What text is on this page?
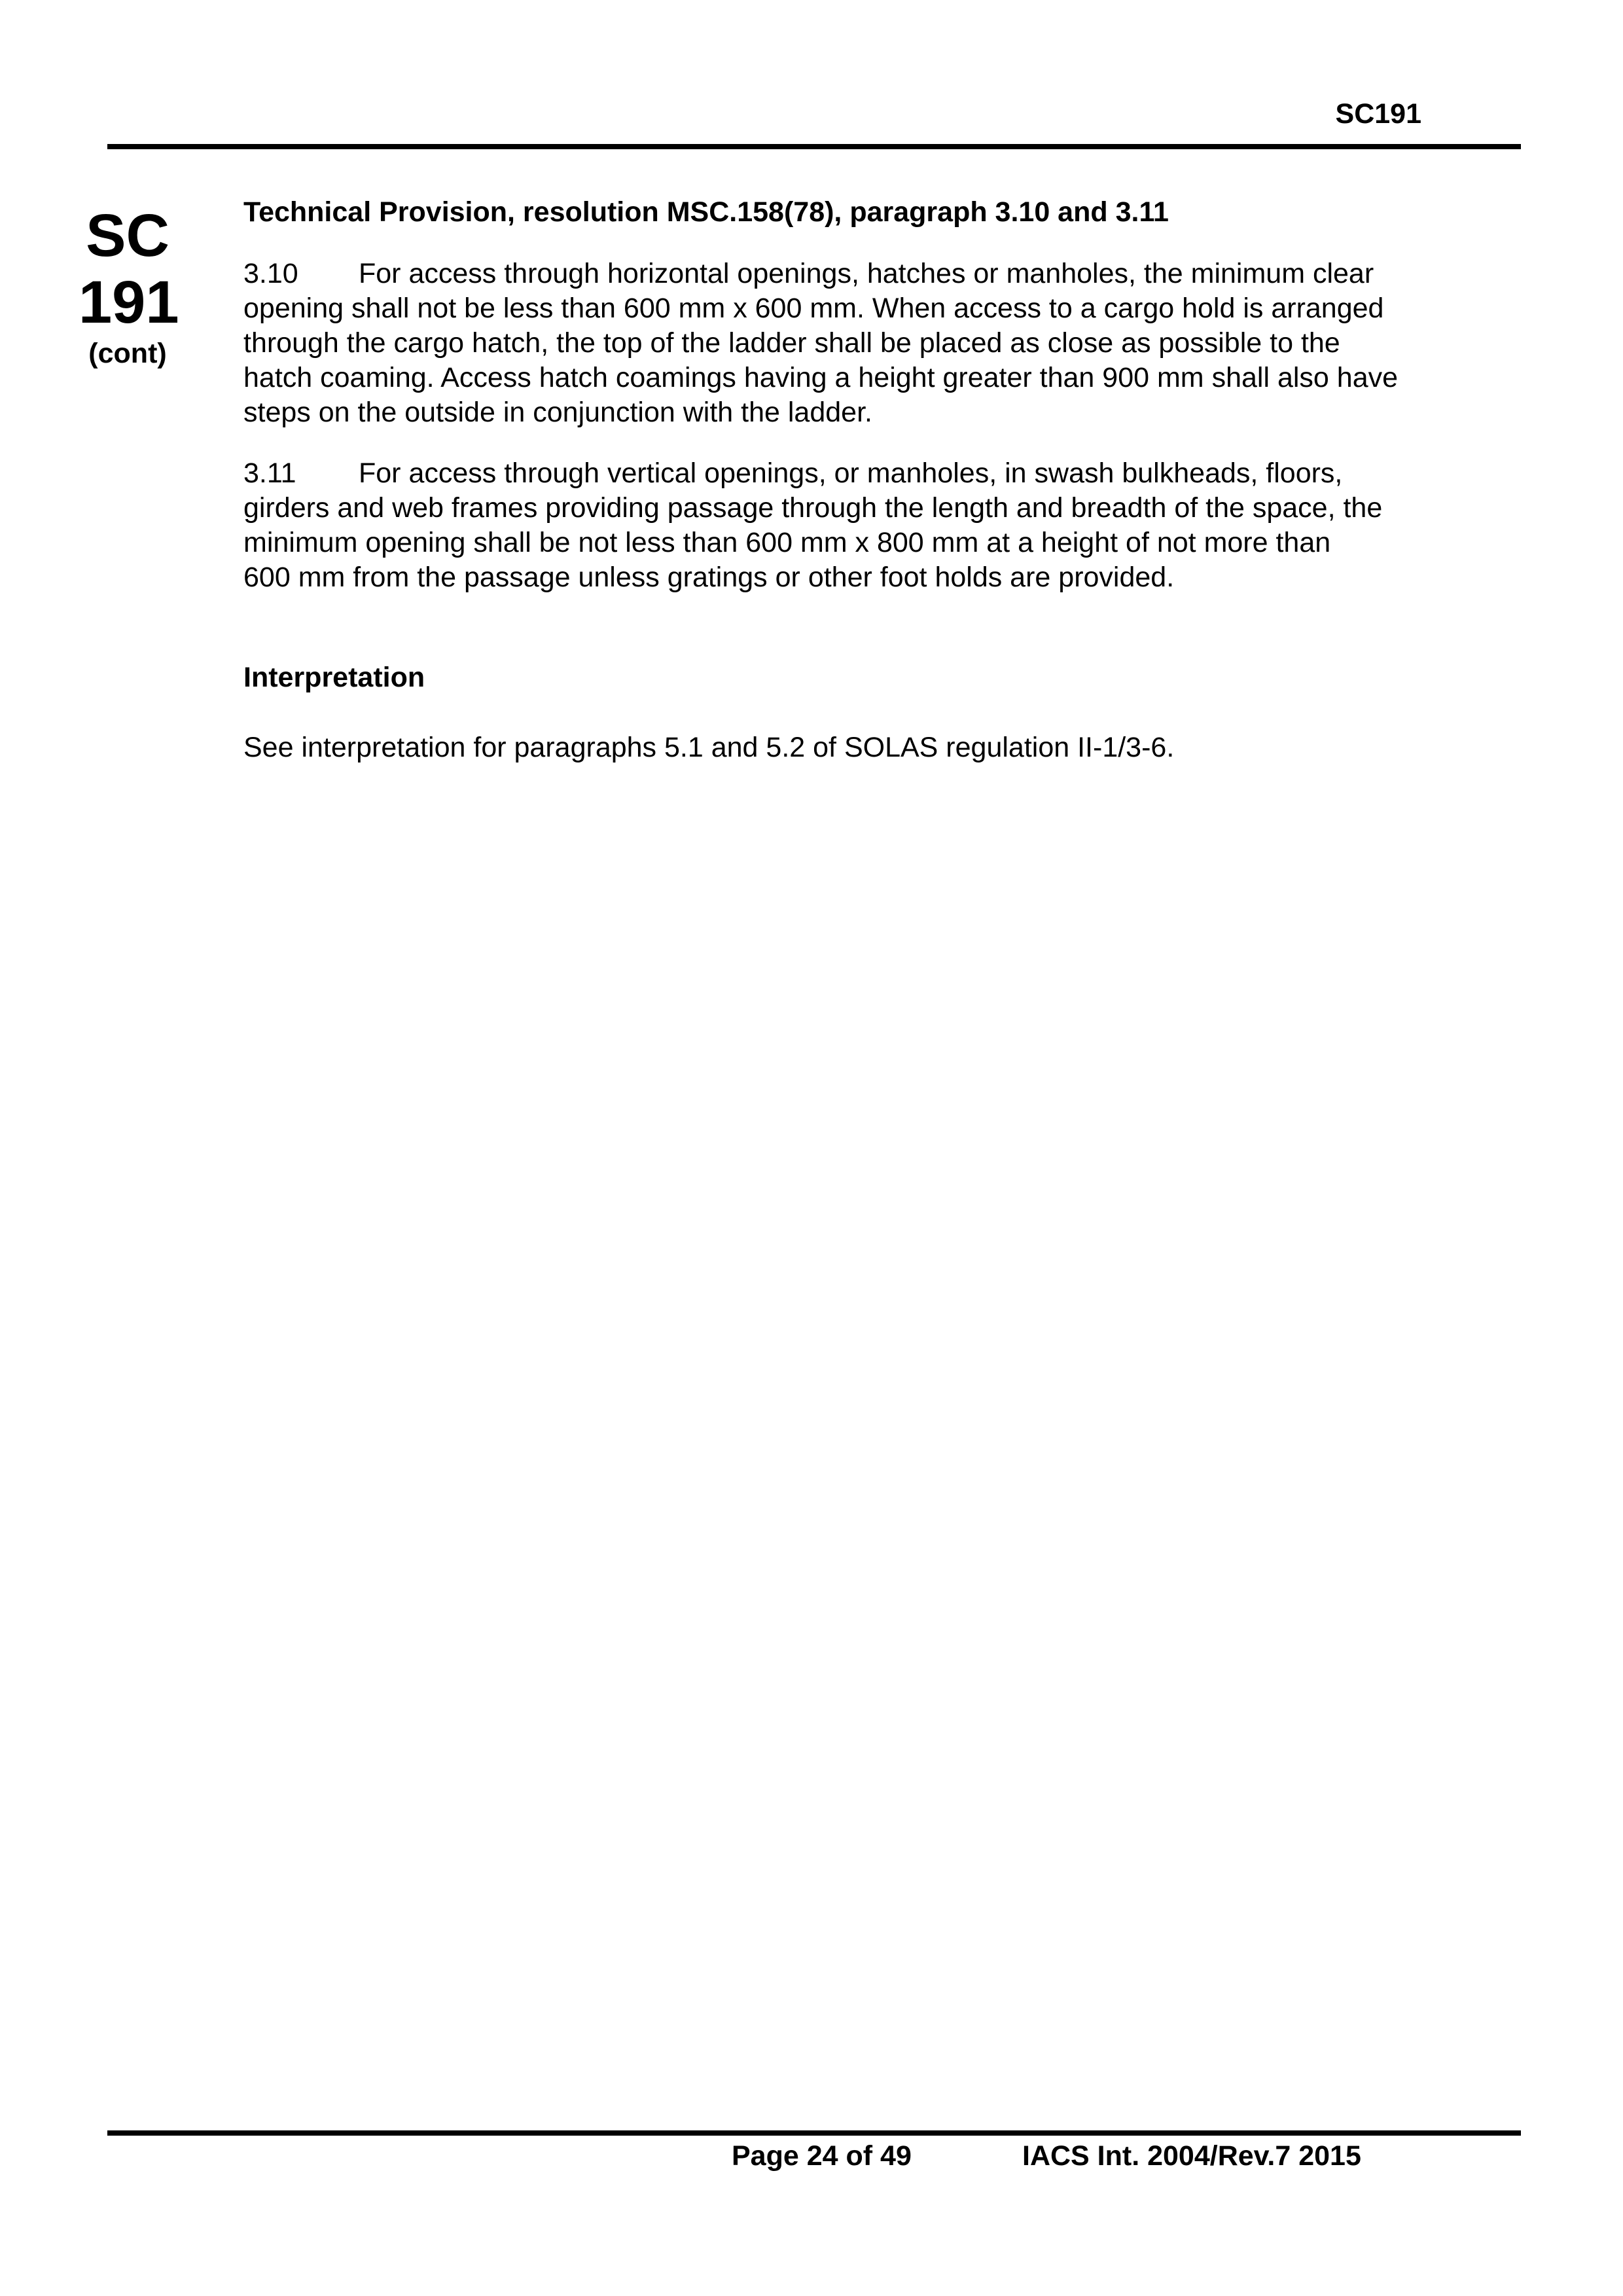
SC191
SC
191
(cont)

Technical Provision, resolution MSC.158(78), paragraph 3.10 and 3.11

3.10 For access through horizontal openings, hatches or manholes, the minimum clear
opening shall not be less than 600 mm x 600 mm. When access to a cargo hold is arranged
through the cargo hatch, the top of the ladder shall be placed as close as possible to the
hatch coaming. Access hatch coamings having a height greater than 900 mm shall also have
steps on the outside in conjunction with the ladder.
3.11 For access through vertical openings, or manholes, in swash bulkheads, floors,
girders and web frames providing passage through the length and breadth of the space, the
minimum opening shall be not less than 600 mm x 800 mm at a height of not more than
600 mm from the passage unless gratings or other foot holds are provided.

Interpretation

See interpretation for paragraphs 5.1 and 5.2 of SOLAS regulation II-1/3-6.

Page 24 of 49	IACS Int. 2004/Rev.7 2015
